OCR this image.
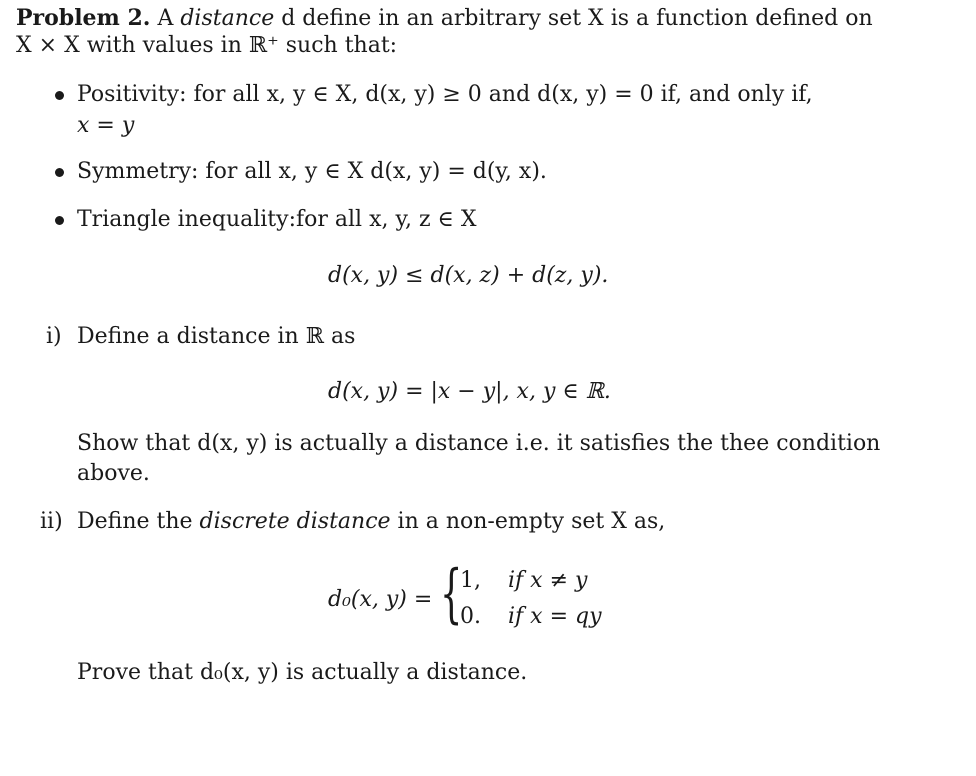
Problem 2. A distance d define in an arbitrary set X is a function defined on
X × X with values in ℝ⁺ such that:
Positivity: for all x, y ∈ X, d(x, y) ≥ 0 and d(x, y) = 0 if, and only if,
x = y
Symmetry: for all x, y ∈ X d(x, y) = d(y, x).
Triangle inequality:for all x, y, z ∈ X
d(x, y) ≤ d(x, z) + d(z, y).
i) Define a distance in ℝ as
d(x, y) = |x − y|, x, y ∈ ℝ.
Show that d(x, y) is actually a distance i.e. it satisfies the thee condition
above.
ii) Define the discrete distance in a non-empty set X as,
d₀(x, y) = {
1, if x ≠ y
0. if x = qy
Prove that d₀(x, y) is actually a distance.
